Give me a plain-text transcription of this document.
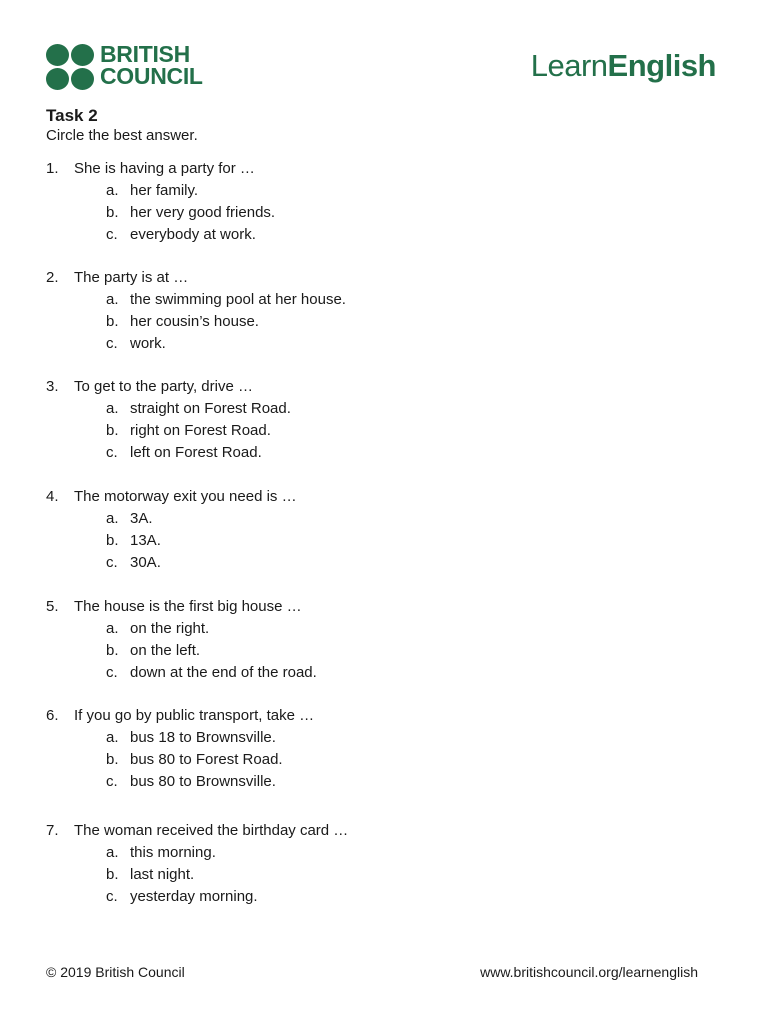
BRITISH
COUNCIL	LearnEnglish
Task 2
Circle the best answer.
1. She is having a party for …
a. her family.
b. her very good friends.
c. everybody at work.
2. The party is at …
a. the swimming pool at her house.
b. her cousin’s house.
c. work.
3. To get to the party, drive …
a. straight on Forest Road.
b. right on Forest Road.
c. left on Forest Road.
4. The motorway exit you need is …
a. 3A.
b. 13A.
c. 30A.
5. The house is the first big house …
a. on the right.
b. on the left.
c. down at the end of the road.
6. If you go by public transport, take …
a. bus 18 to Brownsville.
b. bus 80 to Forest Road.
c. bus 80 to Brownsville.
7. The woman received the birthday card …
a. this morning.
b. last night.
c. yesterday morning.
© 2019 British Council	www.britishcouncil.org/learnenglish
